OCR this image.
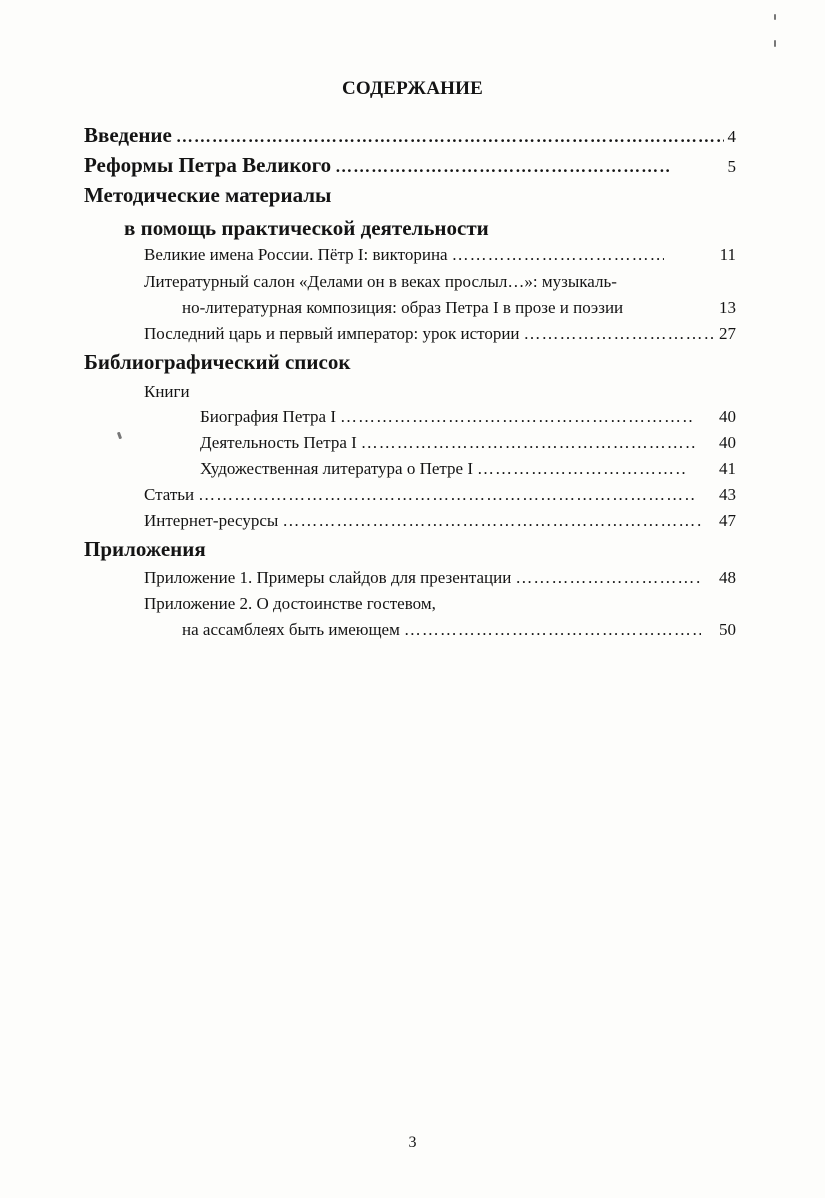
СОДЕРЖАНИЕ
Введение …………………………………………………………………………………………………………………………………………………………	4
Реформы Петра Великого …………………………………………………………………………………………………………………………………………………………	5
Методические материалы
в помощь практической деятельности
Великие имена России. Пётр I: викторина …………………………………………………………………………………………………………………………………………………………	11
Литературный салон «Делами он в веках прослыл…»: музыкаль-
но-литературная композиция: образ Петра I в прозе и поэзии	13
Последний царь и первый император: урок истории …………………………………………………………………………………………………………………………………………………………	27
Библиографический список
Книги
Биография Петра I …………………………………………………………………………………………………………………………………………………………	40
Деятельность Петра I …………………………………………………………………………………………………………………………………………………………	40
Художественная литература о Петре I …………………………………………………………………………………………………………………………………………………………	41
Статьи …………………………………………………………………………………………………………………………………………………………	43
Интернет-ресурсы …………………………………………………………………………………………………………………………………………………………	47
Приложения
Приложение 1. Примеры слайдов для презентации …………………………………………………………………………………………………………………………………………………………	48
Приложение 2. О достоинстве гостевом,
на ассамблеях быть имеющем …………………………………………………………………………………………………………………………………………………………	50
3
